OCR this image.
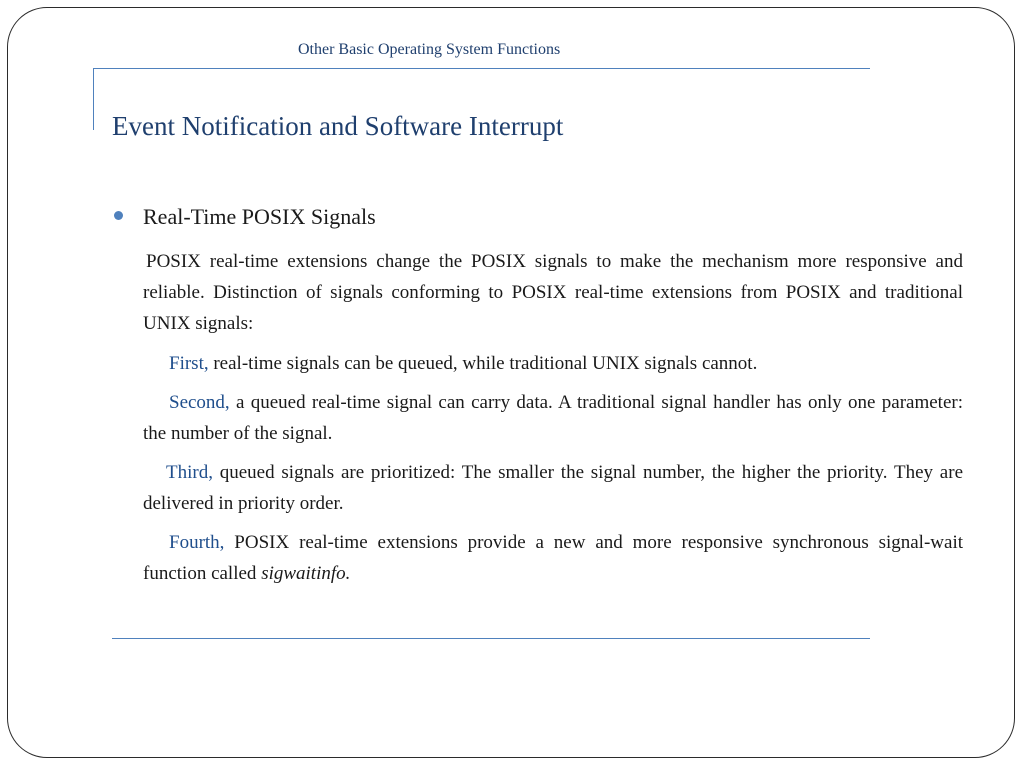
Other Basic Operating System Functions
Event Notification and Software Interrupt
Real-Time POSIX Signals
POSIX real-time extensions change the POSIX signals to make the mechanism more responsive and reliable. Distinction of signals conforming to POSIX real-time extensions from POSIX and traditional UNIX signals:
First, real-time signals can be queued, while traditional UNIX signals cannot.
Second, a queued real-time signal can carry data. A traditional signal handler has only one parameter: the number of the signal.
Third, queued signals are prioritized: The smaller the signal number, the higher the priority. They are delivered in priority order.
Fourth, POSIX real-time extensions provide a new and more responsive synchronous signal-wait function called sigwaitinfo.
